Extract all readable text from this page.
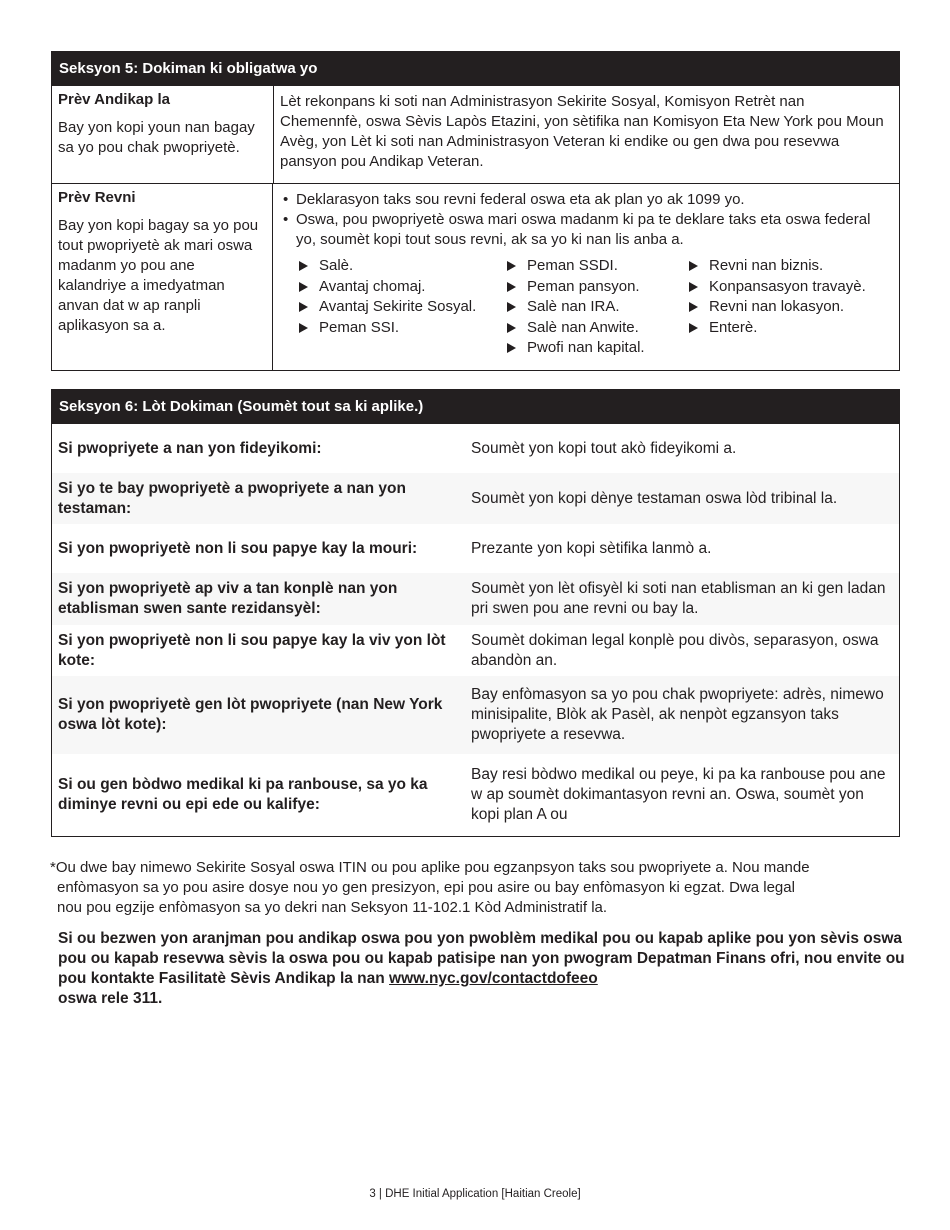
Seksyon 5: Dokiman ki obligatwa yo
Prèv Andikap la
Bay yon kopi youn nan bagay sa yo pou chak pwopriyetè.
Lèt rekonpans ki soti nan Administrasyon Sekirite Sosyal, Komisyon Retrèt nan Chemennfè, oswa Sèvis Lapòs Etazini, yon sètifika nan Komisyon Eta New York pou Moun Avèg, yon Lèt ki soti nan Administrasyon Veteran ki endike ou gen dwa pou resevwa pansyon pou Andikap Veteran.
Prèv Revni
Bay yon kopi bagay sa yo pou tout pwopriyetè ak mari oswa madanm yo pou ane kalandriye a imedyatman anvan dat w ap ranpli aplikasyon sa a.
• Deklarasyon taks sou revni federal oswa eta ak plan yo ak 1099 yo.
• Oswa, pou pwopriyetè oswa mari oswa madanm ki pa te deklare taks eta oswa federal yo, soumèt kopi tout sous revni, ak sa yo ki nan lis anba a.
Salè.
Avantaj chomaj.
Avantaj Sekirite Sosyal.
Peman SSI.
Peman SSDI.
Peman pansyon.
Salè nan IRA.
Salè nan Anwite.
Pwofi nan kapital.
Revni nan biznis.
Konpansasyon travayè.
Revni nan lokasyon.
Enterè.
Seksyon 6: Lòt Dokiman (Soumèt tout sa ki aplike.)
Si pwopriyete a nan yon fideyikomi:	Soumèt yon kopi tout akò fideyikomi a.
Si yo te bay pwopriyetè a pwopriyete a nan yon testaman:
Soumèt yon kopi dènye testaman oswa lòd tribinal la.
Si yon pwopriyetè non li sou papye kay la mouri:	Prezante yon kopi sètifika lanmò a.
Si yon pwopriyetè ap viv a tan konplè nan yon etablisman swen sante rezidansyèl:
Soumèt yon lèt ofisyèl ki soti nan etablisman an ki gen ladan pri swen pou ane revni ou bay la.
Si yon pwopriyetè non li sou papye kay la viv yon lòt kote:
Soumèt dokiman legal konplè pou divòs, separasyon, oswa abandòn an.
Si yon pwopriyetè gen lòt pwopriyete (nan New York oswa lòt kote):
Bay enfòmasyon sa yo pou chak pwopriyete: adrès, nimewo minisipalite, Blòk ak Pasèl, ak nenpòt egzansyon taks pwopriyete a resevwa.
Si ou gen bòdwo medikal ki pa ranbouse, sa yo ka diminye revni ou epi ede ou kalifye:
Bay resi bòdwo medikal ou peye, ki pa ka ranbouse pou ane w ap soumèt dokimantasyon revni an. Oswa, soumèt yon kopi plan A ou
*Ou dwe bay nimewo Sekirite Sosyal oswa ITIN ou pou aplike pou egzanpsyon taks sou pwopriyete a. Nou mande
enfòmasyon sa yo pou asire dosye nou yo gen presizyon, epi pou asire ou bay enfòmasyon ki egzat. Dwa legal
nou pou egzije enfòmasyon sa yo dekri nan Seksyon 11-102.1 Kòd Administratif la.
Si ou bezwen yon aranjman pou andikap oswa pou yon pwoblèm medikal pou ou kapab aplike pou yon sèvis oswa pou ou kapab resevwa sèvis la oswa pou ou kapab patisipe nan yon pwogram Depatman Finans ofri, nou envite ou pou kontakte Fasilitatè Sèvis Andikap la nan www.nyc.gov/contactdofeeo
oswa rele 311.
3 | DHE Initial Application [Haitian Creole]
